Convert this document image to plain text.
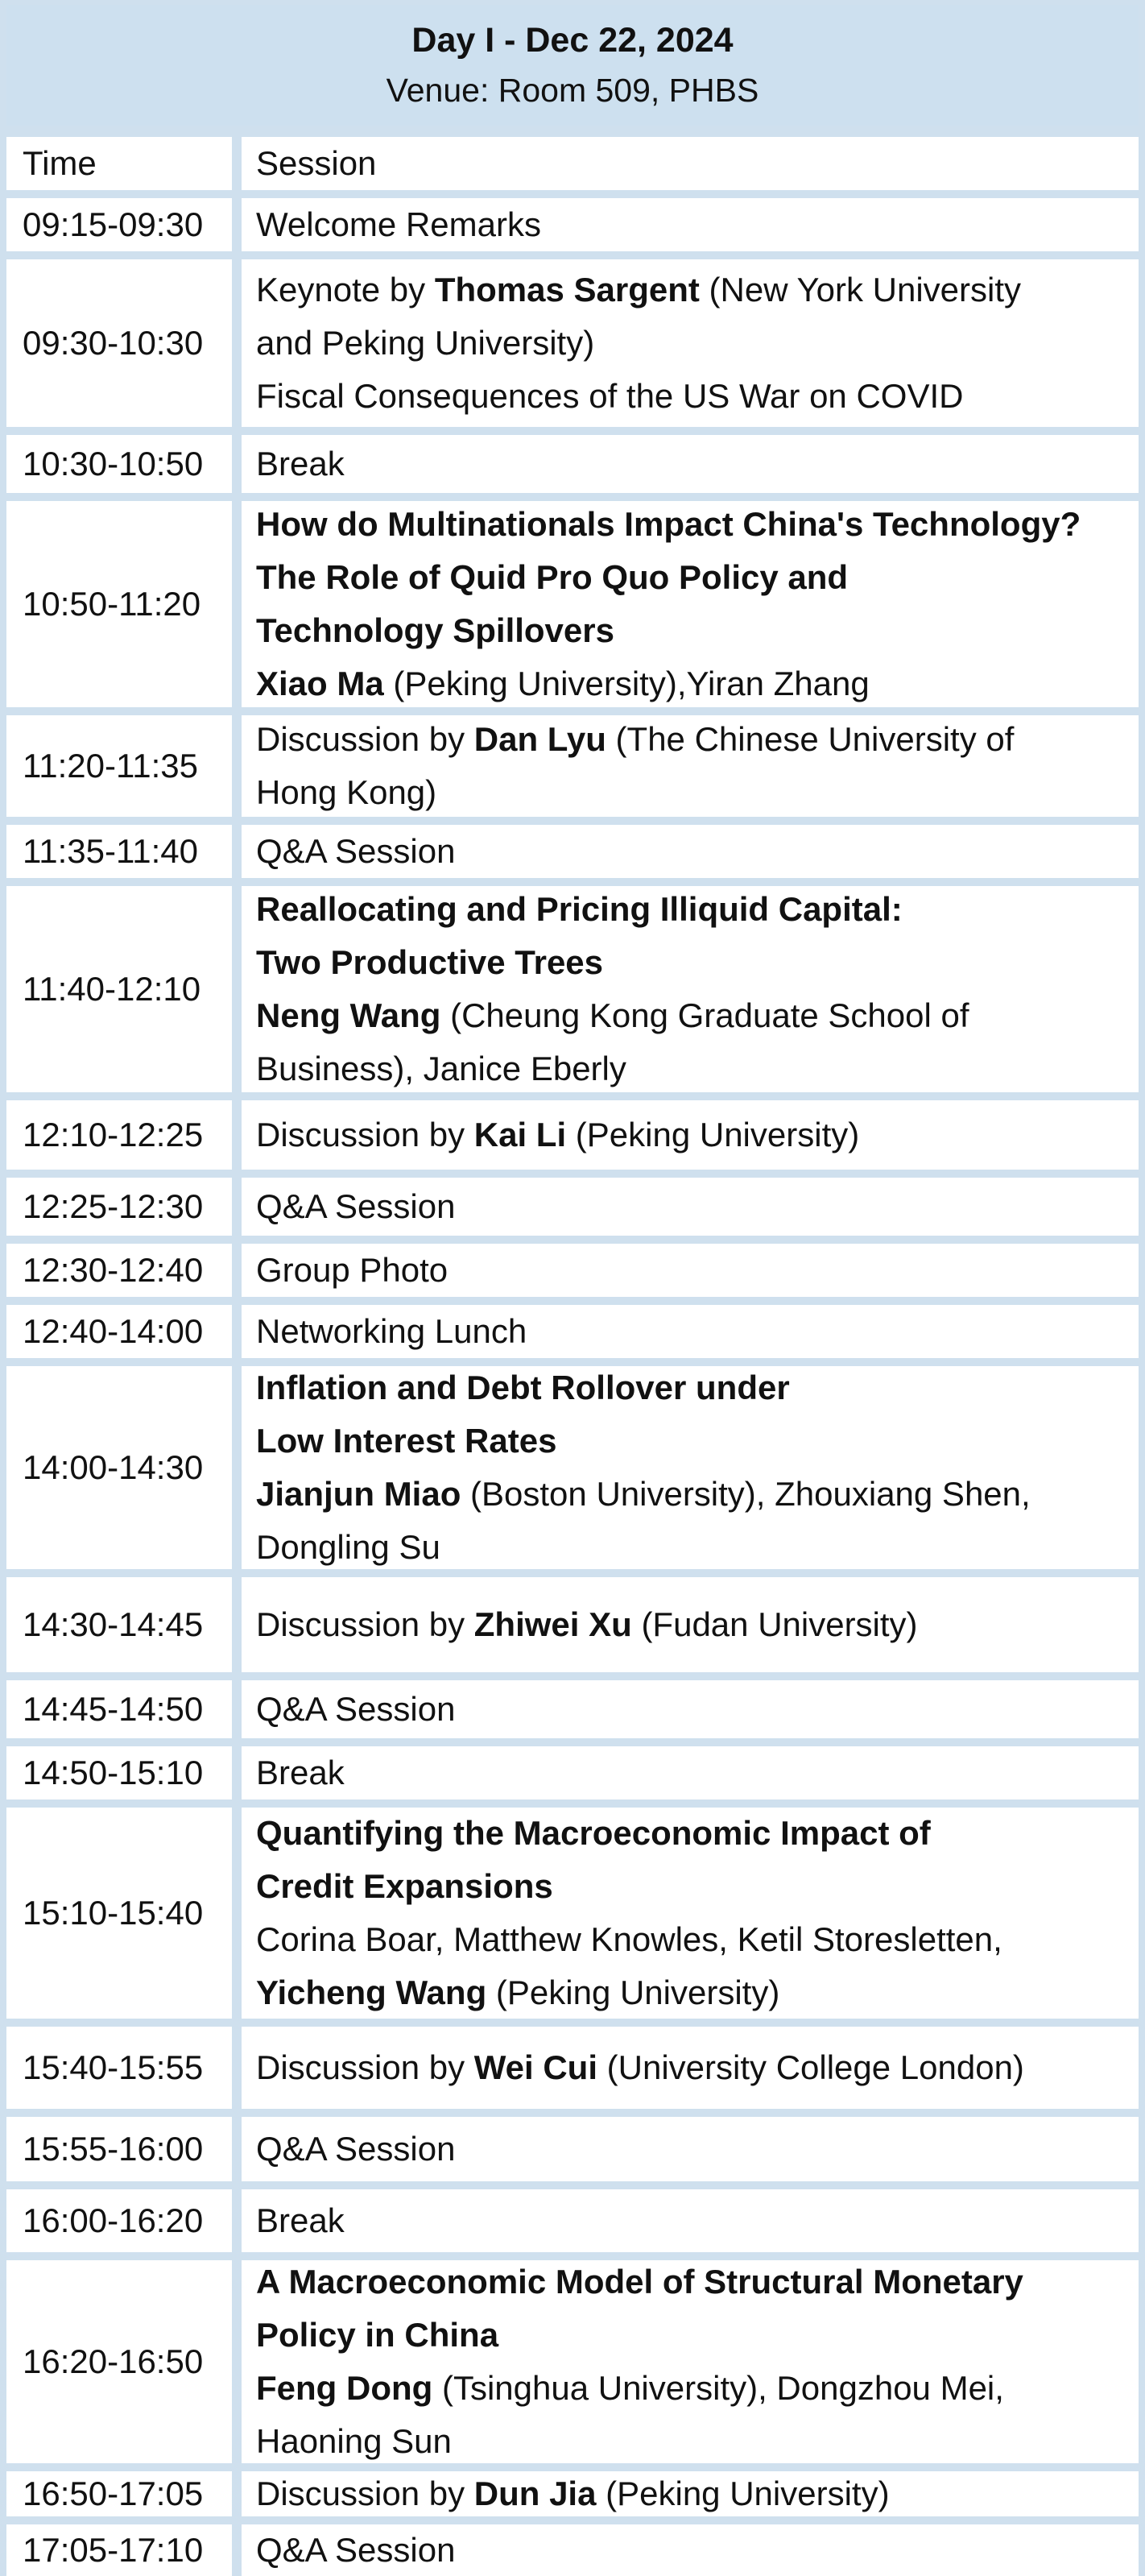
Day I - Dec 22, 2024
Venue: Room 509, PHBS
Time	Session
09:15-09:30	Welcome Remarks
09:30-10:30
Keynote by Thomas Sargent (New York University
and Peking University)
Fiscal Consequences of the US War on COVID
10:30-10:50	Break
10:50-11:20
How do Multinationals Impact China's Technology?
The Role of Quid Pro Quo Policy and
Technology Spillovers
Xiao Ma (Peking University),Yiran Zhang
11:20-11:35
Discussion by Dan Lyu (The Chinese University of
Hong Kong)
11:35-11:40	Q&A Session
11:40-12:10
Reallocating and Pricing Illiquid Capital:
Two Productive Trees
Neng Wang (Cheung Kong Graduate School of
Business), Janice Eberly
12:10-12:25	Discussion by Kai Li (Peking University)
12:25-12:30	Q&A Session
12:30-12:40	Group Photo
12:40-14:00	Networking Lunch
14:00-14:30
Inflation and Debt Rollover under
Low Interest Rates
Jianjun Miao (Boston University), Zhouxiang Shen,
Dongling Su
14:30-14:45	Discussion by Zhiwei Xu (Fudan University)
14:45-14:50	Q&A Session
14:50-15:10	Break
15:10-15:40
Quantifying the Macroeconomic Impact of
Credit Expansions
Corina Boar, Matthew Knowles, Ketil Storesletten,
Yicheng Wang (Peking University)
15:40-15:55	Discussion by Wei Cui (University College London)
15:55-16:00	Q&A Session
16:00-16:20	Break
16:20-16:50
A Macroeconomic Model of Structural Monetary
Policy in China
Feng Dong (Tsinghua University), Dongzhou Mei,
Haoning Sun
16:50-17:05	Discussion by Dun Jia (Peking University)
17:05-17:10	Q&A Session
